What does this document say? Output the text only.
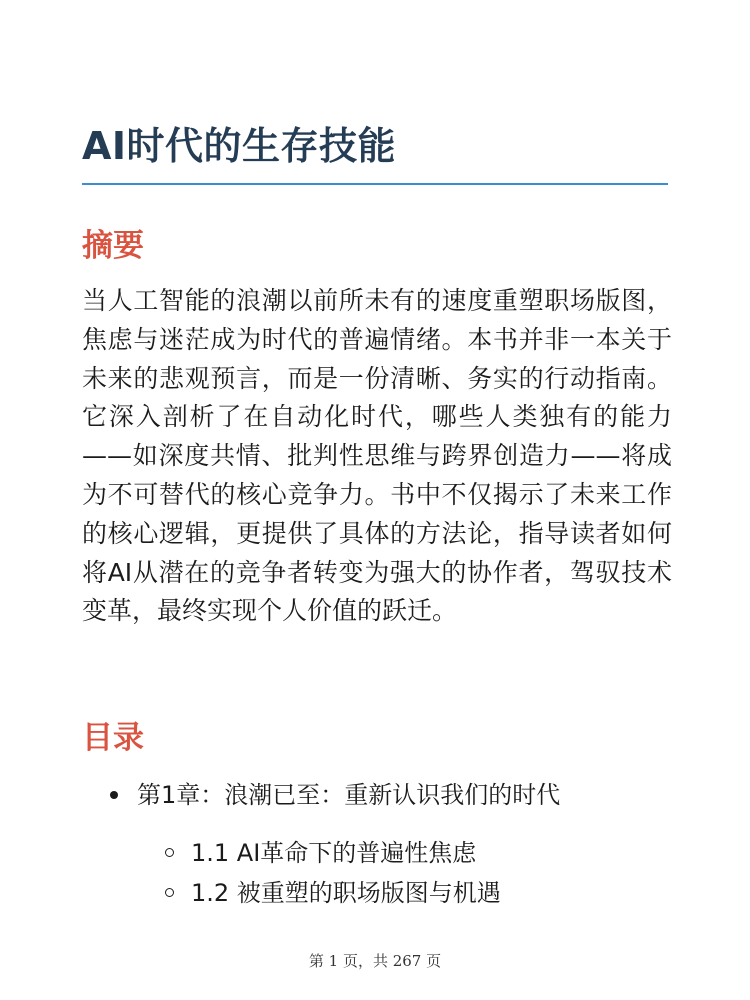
AI时代的生存技能
摘要

当人工智能的浪潮以前所未有的速度重塑职场版图，焦虑与迷茫成为时代的普遍情绪。本书并非一本关于未来的悲观预言，而是一份清晰、务实的行动指南。它深入剖析了在自动化时代，哪些人类独有的能力——如深度共情、批判性思维与跨界创造力——将成为不可替代的核心竞争力。书中不仅揭示了未来工作的核心逻辑，更提供了具体的方法论，指导读者如何将AI从潜在的竞争者转变为强大的协作者，驾驭技术变革，最终实现个人价值的跃迁。

目录
第1章：浪潮已至：重新认识我们的时代
1.1 AI革命下的普遍性焦虑
1.2 被重塑的职场版图与机遇
第 1 页，共 267 页
